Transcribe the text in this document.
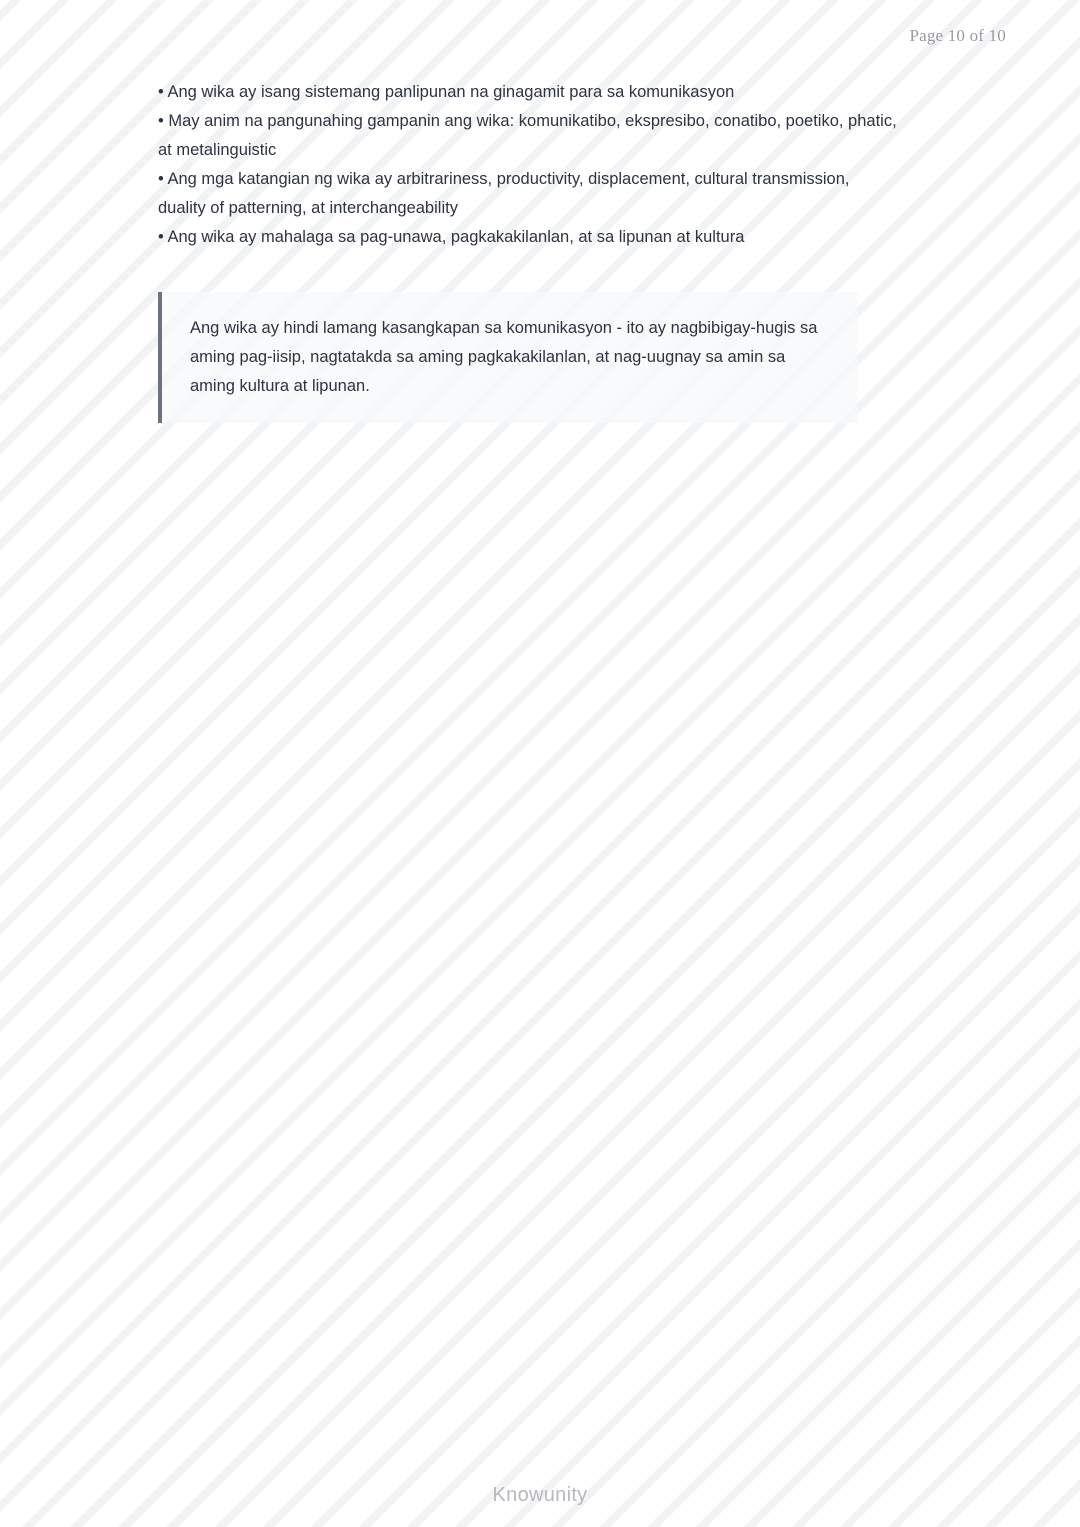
Page 10 of 10
• Ang wika ay isang sistemang panlipunan na ginagamit para sa komunikasyon
• May anim na pangunahing gampanin ang wika: komunikatibo, ekspresibo, conatibo, poetiko, phatic, at metalinguistic
• Ang mga katangian ng wika ay arbitrariness, productivity, displacement, cultural transmission, duality of patterning, at interchangeability
• Ang wika ay mahalaga sa pag-unawa, pagkakakilanlan, at sa lipunan at kultura

Ang wika ay hindi lamang kasangkapan sa komunikasyon - ito ay nagbibigay-hugis sa aming pag-iisip, nagtatakda sa aming pagkakakilanlan, at nag-uugnay sa amin sa aming kultura at lipunan.

Knowunity
